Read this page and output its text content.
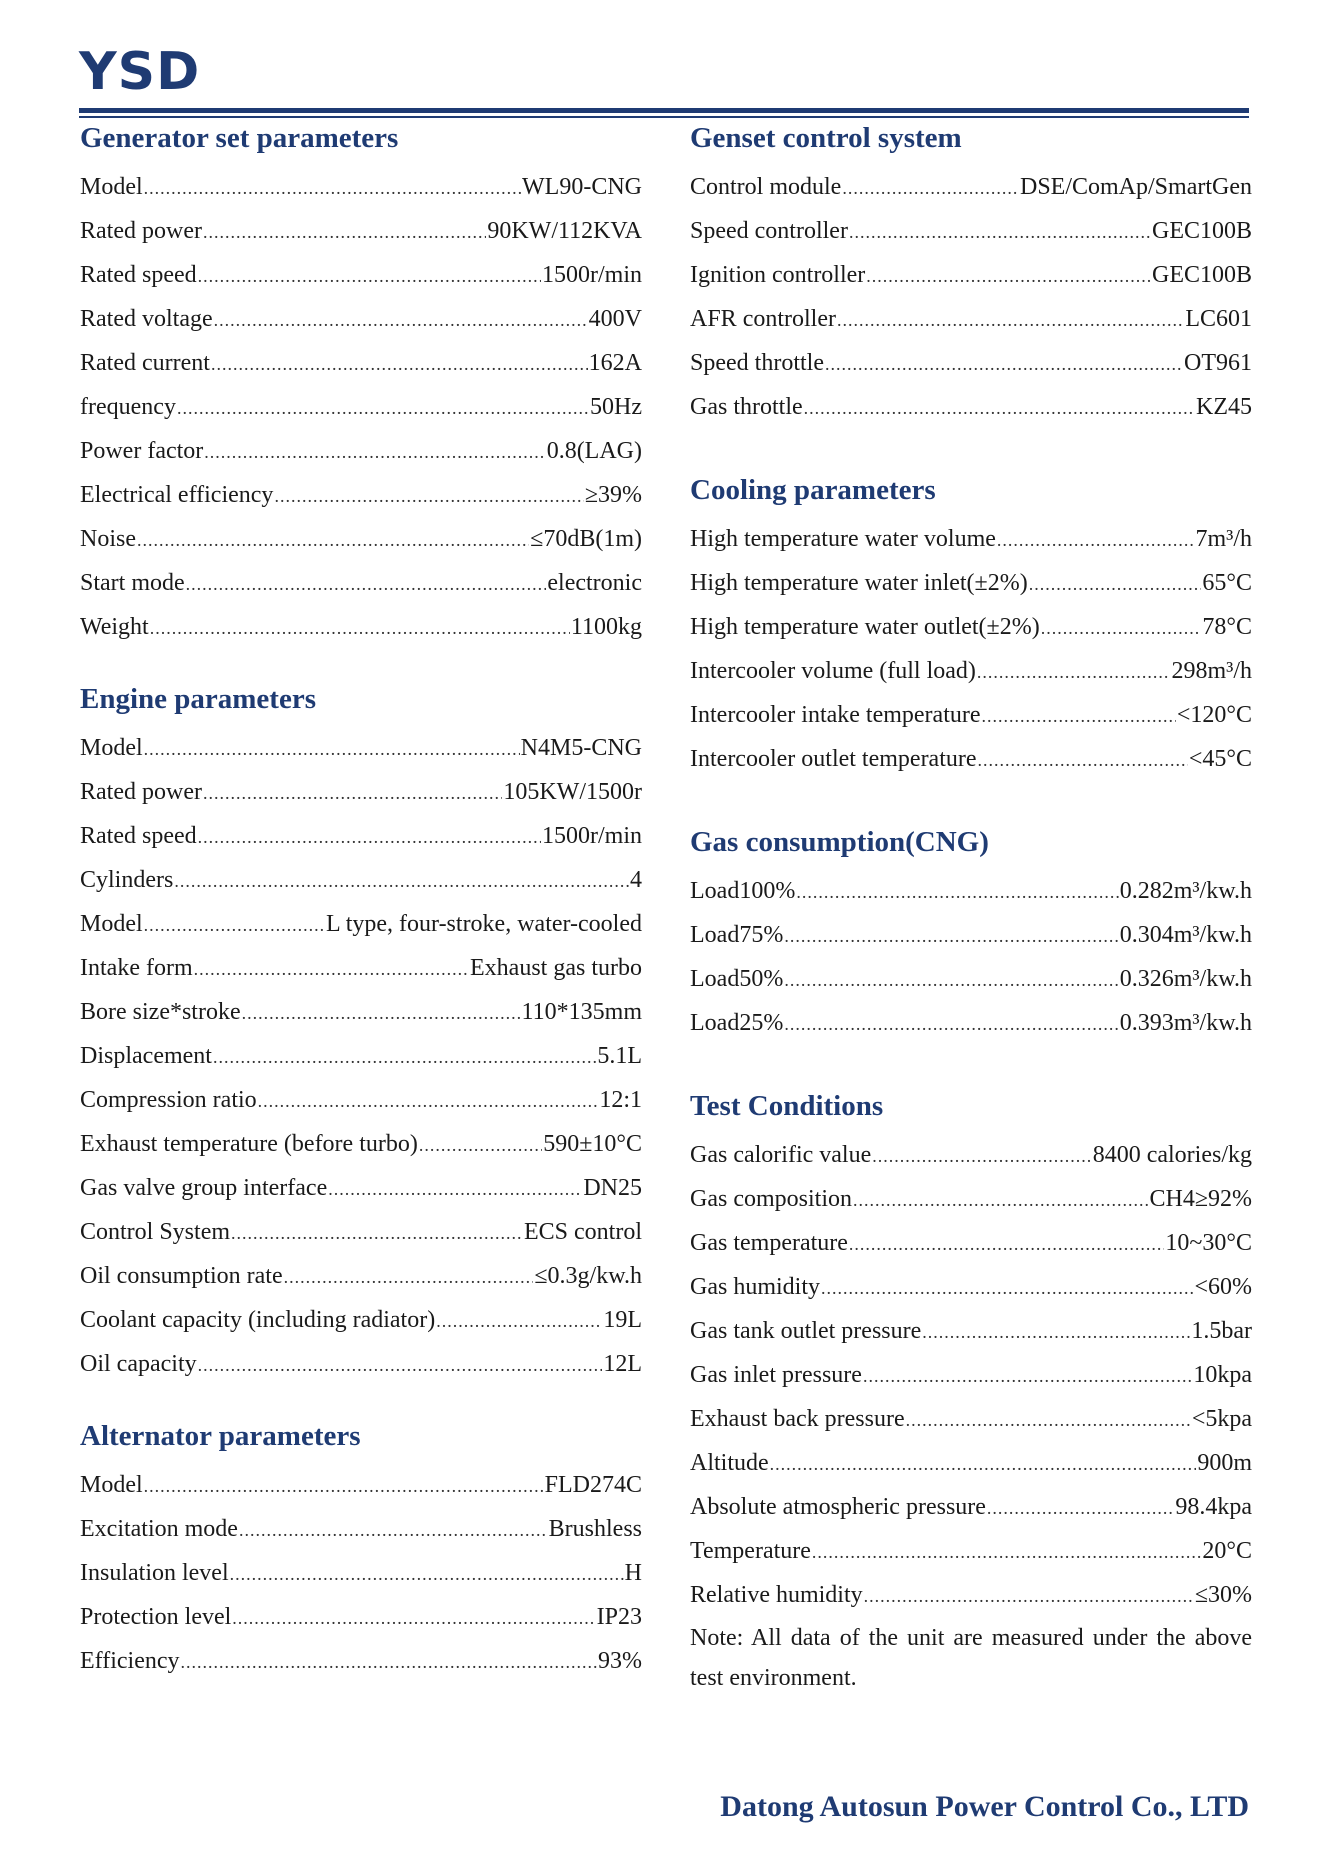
YSD
Generator set parameters
Model .....	WL90-CNG
Rated power .....	90KW/112KVA
Rated speed .....	1500r/min
Rated voltage .....	400V
Rated current .....	162A
frequency .....	50Hz
Power factor .....	0.8(LAG)
Electrical efficiency .....	≥39%
Noise .....	≤70dB(1m)
Start mode .....	electronic
Weight .....	1100kg
Engine parameters
Model .....	N4M5-CNG
Rated power .....	105KW/1500r
Rated speed .....	1500r/min
Cylinders .....	4
Model .....	L type, four-stroke, water-cooled
Intake form .....	Exhaust gas turbo
Bore size*stroke .....	110*135mm
Displacement .....	5.1L
Compression ratio .....	12:1
Exhaust temperature (before turbo) .....	590±10°C
Gas valve group interface .....	DN25
Control System .....	ECS control
Oil consumption rate .....	≤0.3g/kw.h
Coolant capacity (including radiator) .....	19L
Oil capacity .....	12L
Alternator parameters
Model .....	FLD274C
Excitation mode .....	Brushless
Insulation level .....	H
Protection level .....	IP23
Efficiency .....	93%
Genset control system
Control module .....	DSE/ComAp/SmartGen
Speed controller .....	GEC100B
Ignition controller .....	GEC100B
AFR controller .....	LC601
Speed throttle .....	OT961
Gas throttle .....	KZ45
Cooling parameters
High temperature water volume .....	7m³/h
High temperature water inlet(±2%) .....	65°C
High temperature water outlet(±2%) .....	78°C
Intercooler volume (full load) .....	298m³/h
Intercooler intake temperature .....	<120°C
Intercooler outlet temperature .....	<45°C
Gas consumption(CNG)
Load100% .....	0.282m³/kw.h
Load75% .....	0.304m³/kw.h
Load50% .....	0.326m³/kw.h
Load25% .....	0.393m³/kw.h
Test Conditions
Gas calorific value .....	8400 calories/kg
Gas composition .....	CH4≥92%
Gas temperature .....	10~30°C
Gas humidity .....	<60%
Gas tank outlet pressure .....	1.5bar
Gas inlet pressure .....	10kpa
Exhaust back pressure .....	<5kpa
Altitude .....	900m
Absolute atmospheric pressure .....	98.4kpa
Temperature .....	20°C
Relative humidity .....	≤30%
Note: All data of the unit are measured under the above test environment.
Datong Autosun Power Control Co., LTD
